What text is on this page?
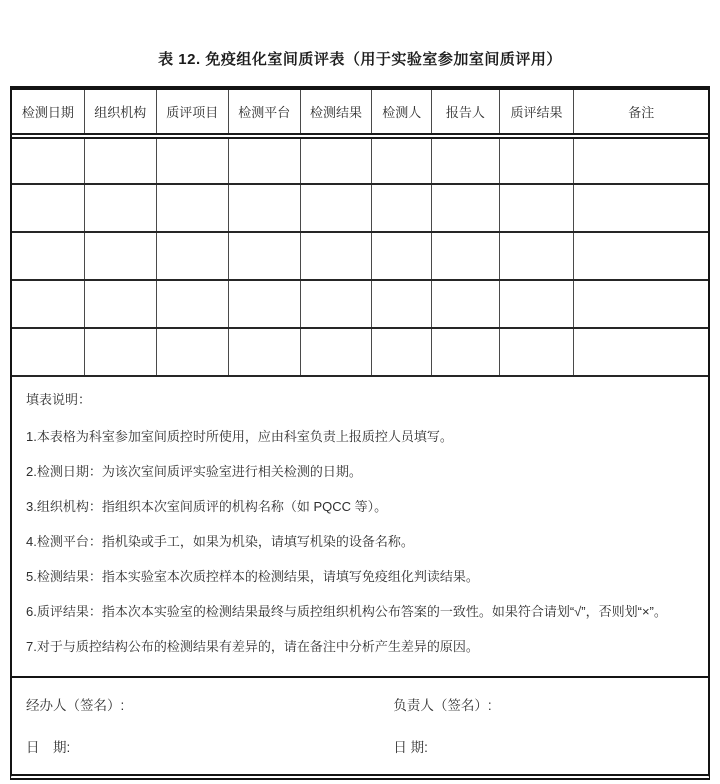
表 12. 免疫组化室间质评表（用于实验室参加室间质评用）
检测日期	组织机构	质评项目	检测平台	检测结果	检测人	报告人	质评结果	备注

填表说明：

1.本表格为科室参加室间质控时所使用，应由科室负责上报质控人员填写。

2.检测日期：为该次室间质评实验室进行相关检测的日期。

3.组织机构：指组织本次室间质评的机构名称（如 PQCC 等）。

4.检测平台：指机染或手工，如果为机染，请填写机染的设备名称。

5.检测结果：指本实验室本次质控样本的检测结果，请填写免疫组化判读结果。

6.质评结果：指本次本实验室的检测结果最终与质控组织机构公布答案的一致性。如果符合请划“√”，否则划“×”。

7.对于与质控结构公布的检测结果有差异的，请在备注中分析产生差异的原因。

经办人（签名）:	负责人（签名）:
日　期:	日 期:
